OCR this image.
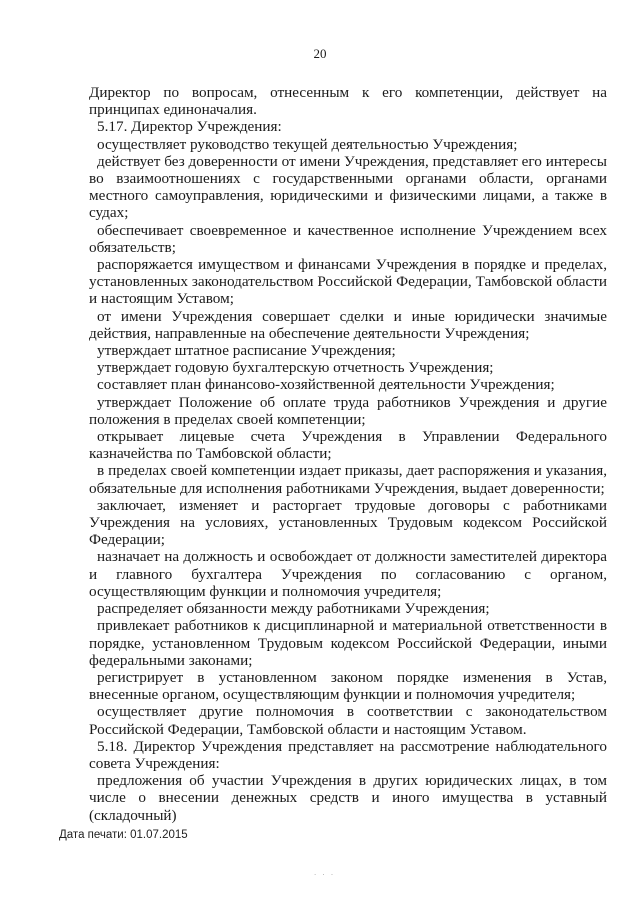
20

Директор по вопросам, отнесенным к его компетенции, действует на принципах единоначалия.

5.17. Директор Учреждения:

осуществляет руководство текущей деятельностью Учреждения;

действует без доверенности от имени Учреждения, представляет его интересы во взаимоотношениях с государственными органами области, органами местного самоуправления, юридическими и физическими лицами, а также в судах;

обеспечивает своевременное и качественное исполнение Учреждением всех обязательств;

распоряжается имуществом и финансами Учреждения в порядке и пределах, установленных законодательством Российской Федерации, Тамбовской области и настоящим Уставом;

от имени Учреждения совершает сделки и иные юридически значимые действия, направленные на обеспечение деятельности Учреждения;

утверждает штатное расписание Учреждения;

утверждает годовую бухгалтерскую отчетность Учреждения;

составляет план финансово-хозяйственной деятельности Учреждения;

утверждает Положение об оплате труда работников Учреждения и другие положения в пределах своей компетенции;

открывает лицевые счета Учреждения в Управлении Федерального казначейства по Тамбовской области;

в пределах своей компетенции издает приказы, дает распоряжения и указания, обязательные для исполнения работниками Учреждения, выдает доверенности;

заключает, изменяет и расторгает трудовые договоры с работниками Учреждения на условиях, установленных Трудовым кодексом Российской Федерации;

назначает на должность и освобождает от должности заместителей директора и главного бухгалтера Учреждения по согласованию с органом, осуществляющим функции и полномочия учредителя;

распределяет обязанности между работниками Учреждения;

привлекает работников к дисциплинарной и материальной ответственности в порядке, установленном Трудовым кодексом Российской Федерации, иными федеральными законами;

регистрирует в установленном законом порядке изменения в Устав, внесенные органом, осуществляющим функции и полномочия учредителя;

осуществляет другие полномочия в соответствии с законодательством Российской Федерации, Тамбовской области и настоящим Уставом.

5.18. Директор Учреждения представляет на рассмотрение наблюдательного совета Учреждения:

предложения об участии Учреждения в других юридических лицах, в том числе о внесении денежных средств и иного имущества в уставный (складочный)

Дата печати: 01.07.2015
· · ·
